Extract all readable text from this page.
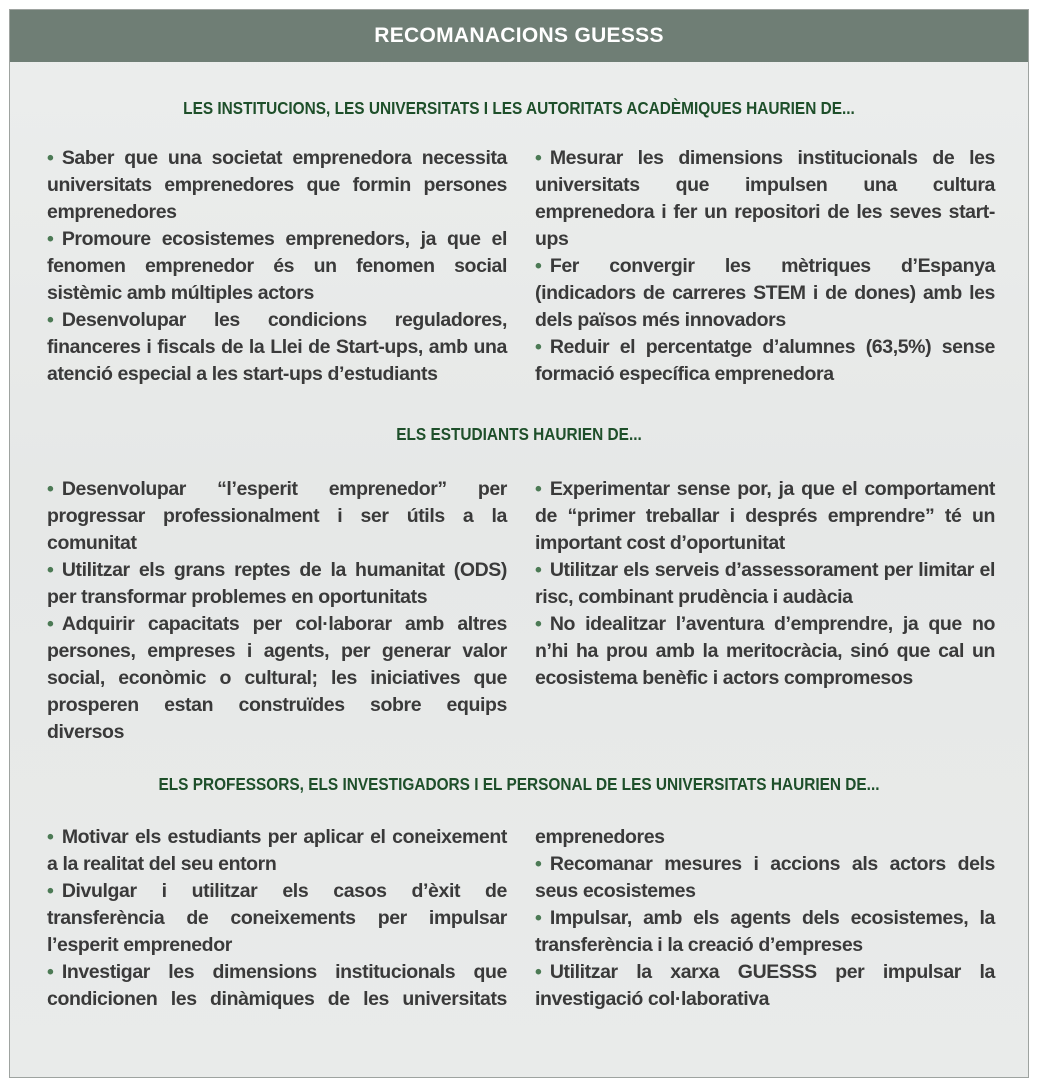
RECOMANACIONS GUESSS
LES INSTITUCIONS, LES UNIVERSITATS I LES AUTORITATS ACADÈMIQUES HAURIEN DE...

• Saber que una societat emprenedora necessita universitats emprenedores que formin persones emprenedores

• Promoure ecosistemes emprenedors, ja que el fenomen emprenedor és un fenomen social sistèmic amb múltiples actors

• Desenvolupar les condicions reguladores, financeres i fiscals de la Llei de Start-ups, amb una atenció especial a les start-ups d’estudiants

• Mesurar les dimensions institucionals de les universitats que impulsen una cultura emprenedora i fer un repositori de les seves start-ups

• Fer convergir les mètriques d’Espanya (indicadors de carreres STEM i de dones) amb les dels països més innovadors

• Reduir el percentatge d’alumnes (63,5%) sense formació específica emprenedora

ELS ESTUDIANTS HAURIEN DE...

• Desenvolupar “l’esperit emprenedor” per progressar professionalment i ser útils a la comunitat

• Utilitzar els grans reptes de la humanitat (ODS) per transformar problemes en oportunitats

• Adquirir capacitats per col·laborar amb altres persones, empreses i agents, per generar valor social, econòmic o cultural; les iniciatives que prosperen estan construïdes sobre equips diversos

• Experimentar sense por, ja que el comportament de “primer treballar i després emprendre” té un important cost d’oportunitat

• Utilitzar els serveis d’assessorament per limitar el risc, combinant prudència i audàcia

• No idealitzar l’aventura d’emprendre, ja que no n’hi ha prou amb la meritocràcia, sinó que cal un ecosistema benèfic i actors compromesos

ELS PROFESSORS, ELS INVESTIGADORS I EL PERSONAL DE LES UNIVERSITATS HAURIEN DE...

• Motivar els estudiants per aplicar el coneixement a la realitat del seu entorn

• Divulgar i utilitzar els casos d’èxit de transferència de coneixements per impulsar l’esperit emprenedor

• Investigar les dimensions institucionals que condicionen les dinàmiques de les universitats emprenedores

• Recomanar mesures i accions als actors dels seus ecosistemes

• Impulsar, amb els agents dels ecosistemes, la transferència i la creació d’empreses

• Utilitzar la xarxa GUESSS per impulsar la investigació col·laborativa
